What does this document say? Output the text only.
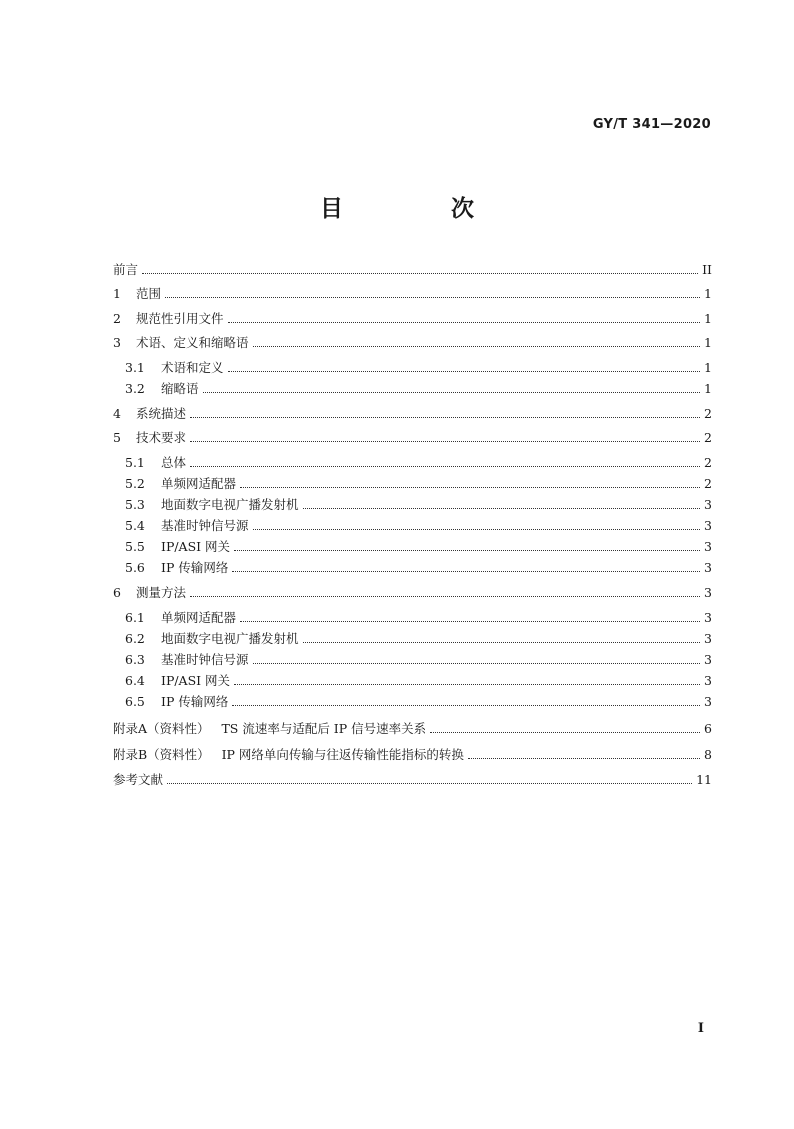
GY/T 341—2020
目 次
前言	II
1	范围	1
2	规范性引用文件	1
3	术语、定义和缩略语	1
3.1	术语和定义	1
3.2	缩略语	1
4	系统描述	2
5	技术要求	2
5.1	总体	2
5.2	单频网适配器	2
5.3	地面数字电视广播发射机	3
5.4	基准时钟信号源	3
5.5	IP/ASI 网关	3
5.6	IP 传输网络	3
6	测量方法	3
6.1	单频网适配器	3
6.2	地面数字电视广播发射机	3
6.3	基准时钟信号源	3
6.4	IP/ASI 网关	3
6.5	IP 传输网络	3
附录A（资料性）   TS 流速率与适配后 IP 信号速率关系	6
附录B（资料性）   IP 网络单向传输与往返传输性能指标的转换	8
参考文献	11
I
